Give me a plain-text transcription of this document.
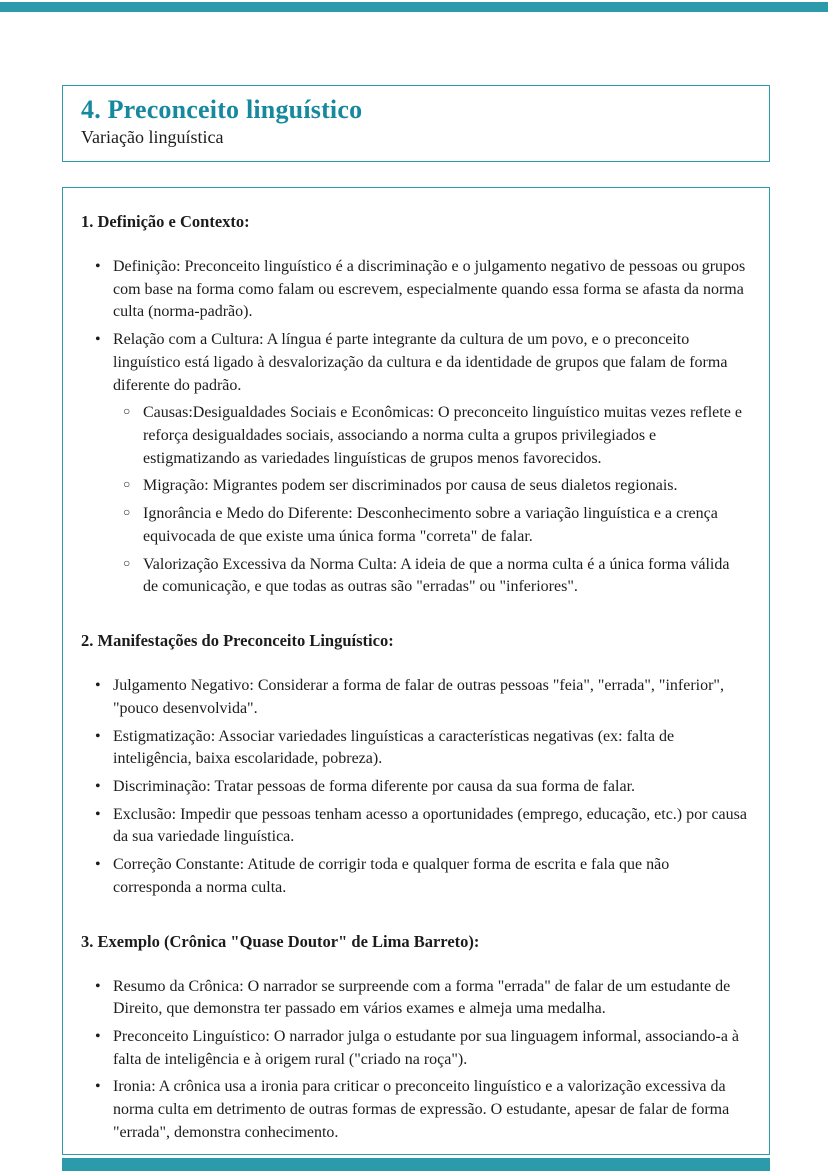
4. Preconceito linguístico
Variação linguística
1. Definição e Contexto:
• Definição: Preconceito linguístico é a discriminação e o julgamento negativo de pessoas ou grupos com base na forma como falam ou escrevem, especialmente quando essa forma se afasta da norma culta (norma-padrão).
• Relação com a Cultura: A língua é parte integrante da cultura de um povo, e o preconceito linguístico está ligado à desvalorização da cultura e da identidade de grupos que falam de forma diferente do padrão.
○ Causas:Desigualdades Sociais e Econômicas: O preconceito linguístico muitas vezes reflete e reforça desigualdades sociais, associando a norma culta a grupos privilegiados e estigmatizando as variedades linguísticas de grupos menos favorecidos.
○ Migração: Migrantes podem ser discriminados por causa de seus dialetos regionais.
○ Ignorância e Medo do Diferente: Desconhecimento sobre a variação linguística e a crença equivocada de que existe uma única forma "correta" de falar.
○ Valorização Excessiva da Norma Culta: A ideia de que a norma culta é a única forma válida de comunicação, e que todas as outras são "erradas" ou "inferiores".
2. Manifestações do Preconceito Linguístico:
• Julgamento Negativo: Considerar a forma de falar de outras pessoas "feia", "errada", "inferior", "pouco desenvolvida".
• Estigmatização: Associar variedades linguísticas a características negativas (ex: falta de inteligência, baixa escolaridade, pobreza).
• Discriminação: Tratar pessoas de forma diferente por causa da sua forma de falar.
• Exclusão: Impedir que pessoas tenham acesso a oportunidades (emprego, educação, etc.) por causa da sua variedade linguística.
• Correção Constante: Atitude de corrigir toda e qualquer forma de escrita e fala que não corresponda a norma culta.
3. Exemplo (Crônica "Quase Doutor" de Lima Barreto):
• Resumo da Crônica: O narrador se surpreende com a forma "errada" de falar de um estudante de Direito, que demonstra ter passado em vários exames e almeja uma medalha.
• Preconceito Linguístico: O narrador julga o estudante por sua linguagem informal, associando-a à falta de inteligência e à origem rural ("criado na roça").
• Ironia: A crônica usa a ironia para criticar o preconceito linguístico e a valorização excessiva da norma culta em detrimento de outras formas de expressão. O estudante, apesar de falar de forma "errada", demonstra conhecimento.
